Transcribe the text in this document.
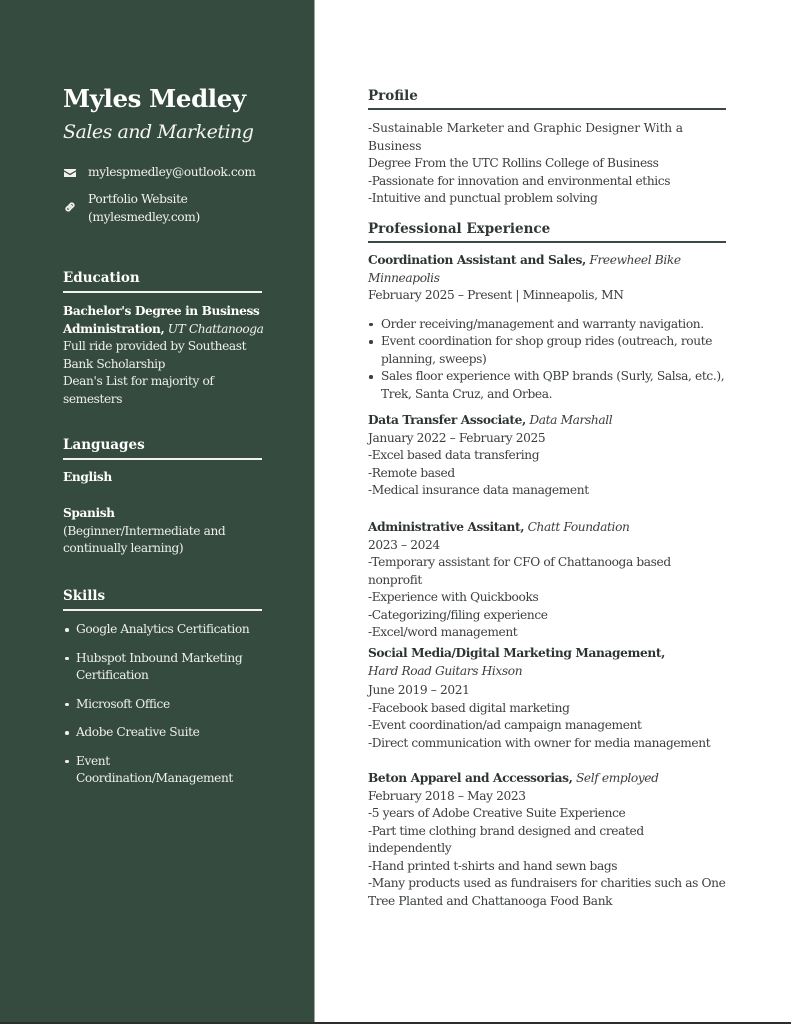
Myles Medley
Sales and Marketing
mylespmedley@outlook.com
Portfolio Website
(mylesmedley.com)
Education
Bachelor's Degree in Business
Administration, UT Chattanooga
Full ride provided by Southeast
Bank Scholarship
Dean's List for majority of
semesters
Languages
English
Spanish
(Beginner/Intermediate and
continually learning)
Skills
Google Analytics Certification
Hubspot Inbound Marketing
Certification
Microsoft Office
Adobe Creative Suite
Event
Coordination/Management
Profile
-Sustainable Marketer and Graphic Designer With a Business
Degree From the UTC Rollins College of Business
-Passionate for innovation and environmental ethics
-Intuitive and punctual problem solving
Professional Experience
Coordination Assistant and Sales, Freewheel Bike Minneapolis
February 2025 – Present | Minneapolis, MN
Order receiving/management and warranty navigation.
Event coordination for shop group rides (outreach, route
planning, sweeps)
Sales floor experience with QBP brands (Surly, Salsa, etc.),
Trek, Santa Cruz, and Orbea.
Data Transfer Associate, Data Marshall
January 2022 – February 2025
-Excel based data transfering
-Remote based
-Medical insurance data management
Administrative Assitant, Chatt Foundation
2023 – 2024
-Temporary assistant for CFO of Chattanooga based nonprofit
-Experience with Quickbooks
-Categorizing/filing experience
-Excel/word management
Social Media/Digital Marketing Management,
Hard Road Guitars Hixson
June 2019 – 2021
-Facebook based digital marketing
-Event coordination/ad campaign management
-Direct communication with owner for media management
Beton Apparel and Accessorias, Self employed
February 2018 – May 2023
-5 years of Adobe Creative Suite Experience
-Part time clothing brand designed and created independently
-Hand printed t-shirts and hand sewn bags
-Many products used as fundraisers for charities such as One
Tree Planted and Chattanooga Food Bank
